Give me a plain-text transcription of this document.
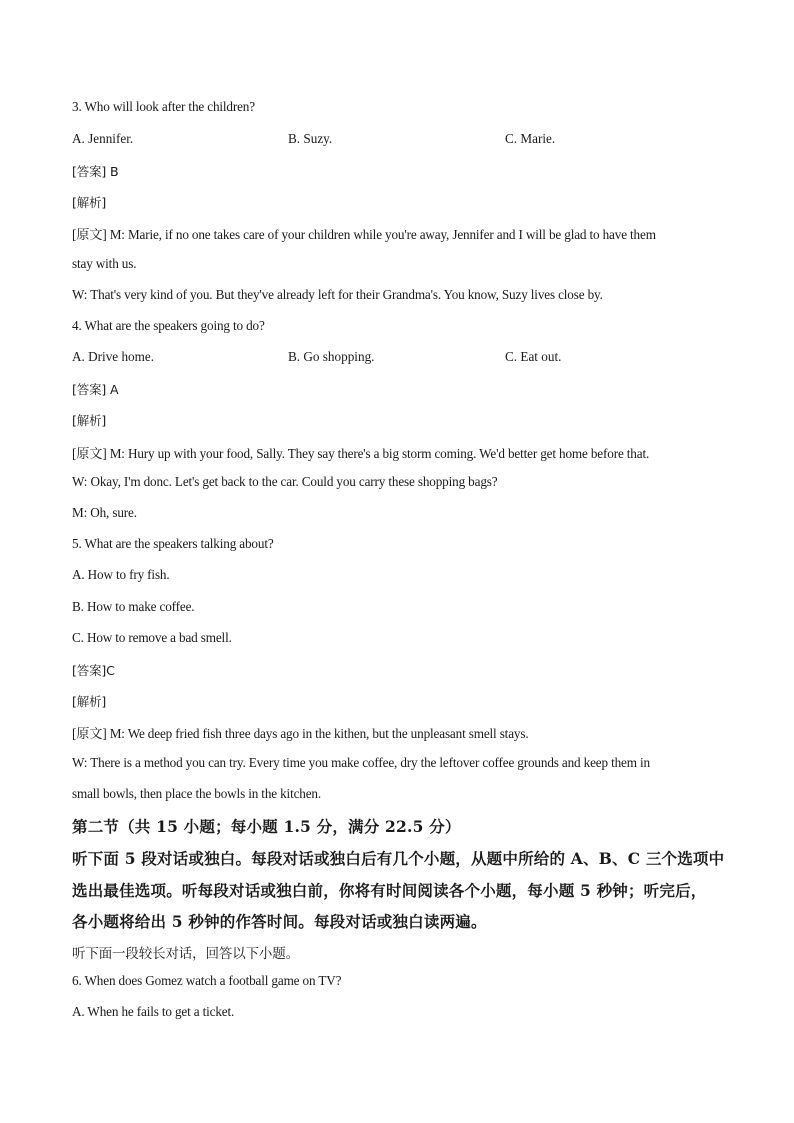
3. Who will look after the children?
A. Jennifer.	B. Suzy.	C. Marie.
[答案] B
[解析]
[原文] M: Marie, if no one takes care of your children while you're away, Jennifer and I will be glad to have them
stay with us.
W: That's very kind of you. But they've already left for their Grandma's. You know, Suzy lives close by.
4. What are the speakers going to do?
A. Drive home.	B. Go shopping.	C. Eat out.
[答案] A
[解析]
[原文] M: Hury up with your food, Sally. They say there's a big storm coming. We'd better get home before that.
W: Okay, I'm donc. Let's get back to the car. Could you carry these shopping bags?
M: Oh, sure.
5. What are the speakers talking about?
A. How to fry fish.
B. How to make coffee.
C. How to remove a bad smell.
[答案]C
[解析]
[原文] M: We deep fried fish three days ago in the kithen, but the unpleasant smell stays.
W: There is a method you can try. Every time you make coffee, dry the leftover coffee grounds and keep them in
small bowls, then place the bowls in the kitchen.
第二节（共 15 小题；每小题 1.5 分，满分 22.5 分）
听下面 5 段对话或独白。每段对话或独白后有几个小题，从题中所给的 A、B、C 三个选项中
选出最佳选项。听每段对话或独白前，你将有时间阅读各个小题，每小题 5 秒钟；听完后，
各小题将给出 5 秒钟的作答时间。每段对话或独白读两遍。
听下面一段较长对话，回答以下小题。
6. When does Gomez watch a football game on TV?
A. When he fails to get a ticket.
